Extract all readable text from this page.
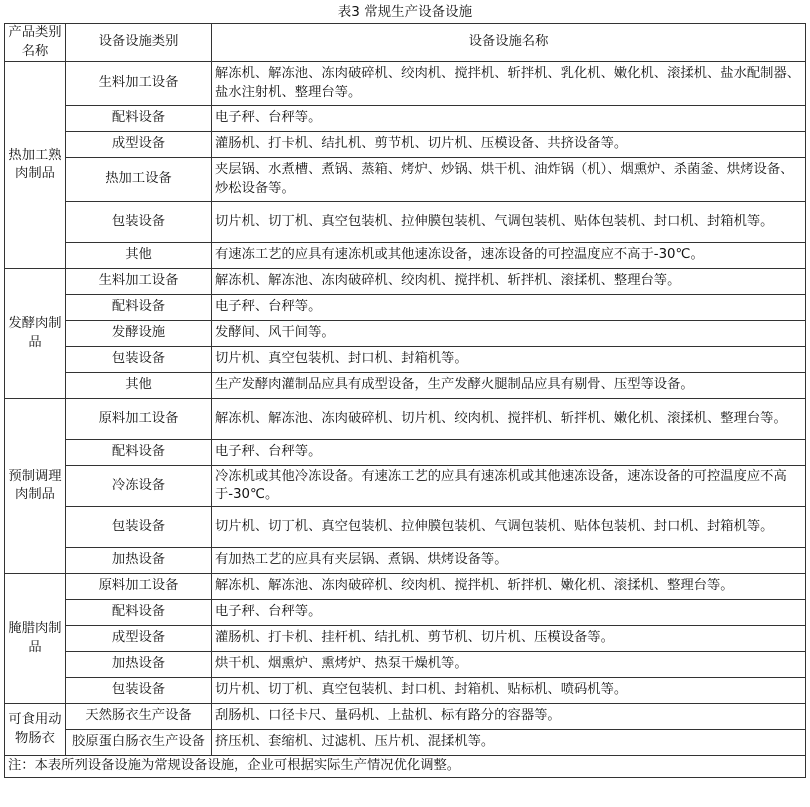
表3 常规生产设备设施
产品类别名称	设备设施类别	设备设施名称
热加工熟肉制品	生料加工设备	解冻机、解冻池、冻肉破碎机、绞肉机、搅拌机、斩拌机、乳化机、嫩化机、滚揉机、盐水配制器、盐水注射机、整理台等。
	配料设备	电子秤、台秤等。
	成型设备	灌肠机、打卡机、结扎机、剪节机、切片机、压模设备、共挤设备等。
	热加工设备	夹层锅、水煮槽、煮锅、蒸箱、烤炉、炒锅、烘干机、油炸锅（机）、烟熏炉、杀菌釜、烘烤设备、炒松设备等。
	包装设备	切片机、切丁机、真空包装机、拉伸膜包装机、气调包装机、贴体包装机、封口机、封箱机等。
	其他	有速冻工艺的应具有速冻机或其他速冻设备，速冻设备的可控温度应不高于-30℃。
发酵肉制品	生料加工设备	解冻机、解冻池、冻肉破碎机、绞肉机、搅拌机、斩拌机、滚揉机、整理台等。
	配料设备	电子秤、台秤等。
	发酵设施	发酵间、风干间等。
	包装设备	切片机、真空包装机、封口机、封箱机等。
	其他	生产发酵肉灌制品应具有成型设备，生产发酵火腿制品应具有剔骨、压型等设备。
预制调理肉制品	原料加工设备	解冻机、解冻池、冻肉破碎机、切片机、绞肉机、搅拌机、斩拌机、嫩化机、滚揉机、整理台等。
	配料设备	电子秤、台秤等。
	冷冻设备	冷冻机或其他冷冻设备。有速冻工艺的应具有速冻机或其他速冻设备，速冻设备的可控温度应不高于-30℃。
	包装设备	切片机、切丁机、真空包装机、拉伸膜包装机、气调包装机、贴体包装机、封口机、封箱机等。
	加热设备	有加热工艺的应具有夹层锅、煮锅、烘烤设备等。
腌腊肉制品	原料加工设备	解冻机、解冻池、冻肉破碎机、绞肉机、搅拌机、斩拌机、嫩化机、滚揉机、整理台等。
	配料设备	电子秤、台秤等。
	成型设备	灌肠机、打卡机、挂杆机、结扎机、剪节机、切片机、压模设备等。
	加热设备	烘干机、烟熏炉、熏烤炉、热泵干燥机等。
	包装设备	切片机、切丁机、真空包装机、封口机、封箱机、贴标机、喷码机等。
可食用动物肠衣	天然肠衣生产设备	刮肠机、口径卡尺、量码机、上盐机、标有路分的容器等。
	胶原蛋白肠衣生产设备	挤压机、套缩机、过滤机、压片机、混揉机等。
注：本表所列设备设施为常规设备设施，企业可根据实际生产情况优化调整。		
